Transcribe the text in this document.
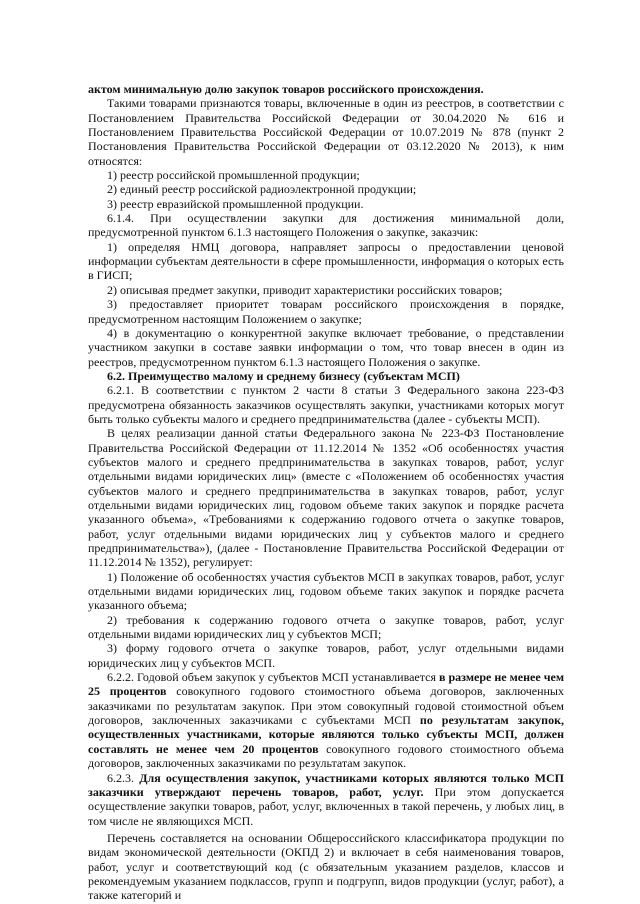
актом минимальную долю закупок товаров российского происхождения.

Такими товарами признаются товары, включенные в один из реестров, в соответствии с Постановлением Правительства Российской Федерации от 30.04.2020 № 616 и Постановлением Правительства Российской Федерации от 10.07.2019 № 878 (пункт 2 Постановления Правительства Российской Федерации от 03.12.2020 № 2013), к ним относятся:

1) реестр российской промышленной продукции;

2) единый реестр российской радиоэлектронной продукции;

3) реестр евразийской промышленной продукции.

6.1.4. При осуществлении закупки для достижения минимальной доли, предусмотренной пунктом 6.1.3 настоящего Положения о закупке, заказчик:

1) определяя НМЦ договора, направляет запросы о предоставлении ценовой информации субъектам деятельности в сфере промышленности, информация о которых есть в ГИСП;

2) описывая предмет закупки, приводит характеристики российских товаров;

3) предоставляет приоритет товарам российского происхождения в порядке, предусмотренном настоящим Положением о закупке;

4) в документацию о конкурентной закупке включает требование, о представлении участником закупки в составе заявки информации о том, что товар внесен в один из реестров, предусмотренном пунктом 6.1.3 настоящего Положения о закупке.

6.2. Преимущество малому и среднему бизнесу (субъектам МСП)

6.2.1. В соответствии с пунктом 2 части 8 статьи 3 Федерального закона 223-ФЗ предусмотрена обязанность заказчиков осуществлять закупки, участниками которых могут быть только субъекты малого и среднего предпринимательства (далее - субъекты МСП).

В целях реализации данной статьи Федерального закона № 223-ФЗ Постановление Правительства Российской Федерации от 11.12.2014 № 1352 «Об особенностях участия субъектов малого и среднего предпринимательства в закупках товаров, работ, услуг отдельными видами юридических лиц» (вместе с «Положением об особенностях участия субъектов малого и среднего предпринимательства в закупках товаров, работ, услуг отдельными видами юридических лиц, годовом объеме таких закупок и порядке расчета указанного объема», «Требованиями к содержанию годового отчета о закупке товаров, работ, услуг отдельными видами юридических лиц у субъектов малого и среднего предпринимательства»), (далее - Постановление Правительства Российской Федерации от 11.12.2014 № 1352), регулирует:

1) Положение об особенностях участия субъектов МСП в закупках товаров, работ, услуг отдельными видами юридических лиц, годовом объеме таких закупок и порядке расчета указанного объема;

2) требования к содержанию годового отчета о закупке товаров, работ, услуг отдельными видами юридических лиц у субъектов МСП;

3) форму годового отчета о закупке товаров, работ, услуг отдельными видами юридических лиц у субъектов МСП.

6.2.2. Годовой объем закупок у субъектов МСП устанавливается в размере не менее чем 25 процентов совокупного годового стоимостного объема договоров, заключенных заказчиками по результатам закупок. При этом совокупный годовой стоимостной объем договоров, заключенных заказчиками с субъектами МСП по результатам закупок, осуществленных участниками, которые являются только субъекты МСП, должен составлять не менее чем 20 процентов совокупного годового стоимостного объема договоров, заключенных заказчиками по результатам закупок.

6.2.3. Для осуществления закупок, участниками которых являются только МСП заказчики утверждают перечень товаров, работ, услуг. При этом допускается осуществление закупки товаров, работ, услуг, включенных в такой перечень, у любых лиц, в том числе не являющихся МСП.

Перечень составляется на основании Общероссийского классификатора продукции по видам экономической деятельности (ОКПД 2) и включает в себя наименования товаров, работ, услуг и соответствующий код (с обязательным указанием разделов, классов и рекомендуемым указанием подклассов, групп и подгрупп, видов продукции (услуг, работ), а также категорий и
